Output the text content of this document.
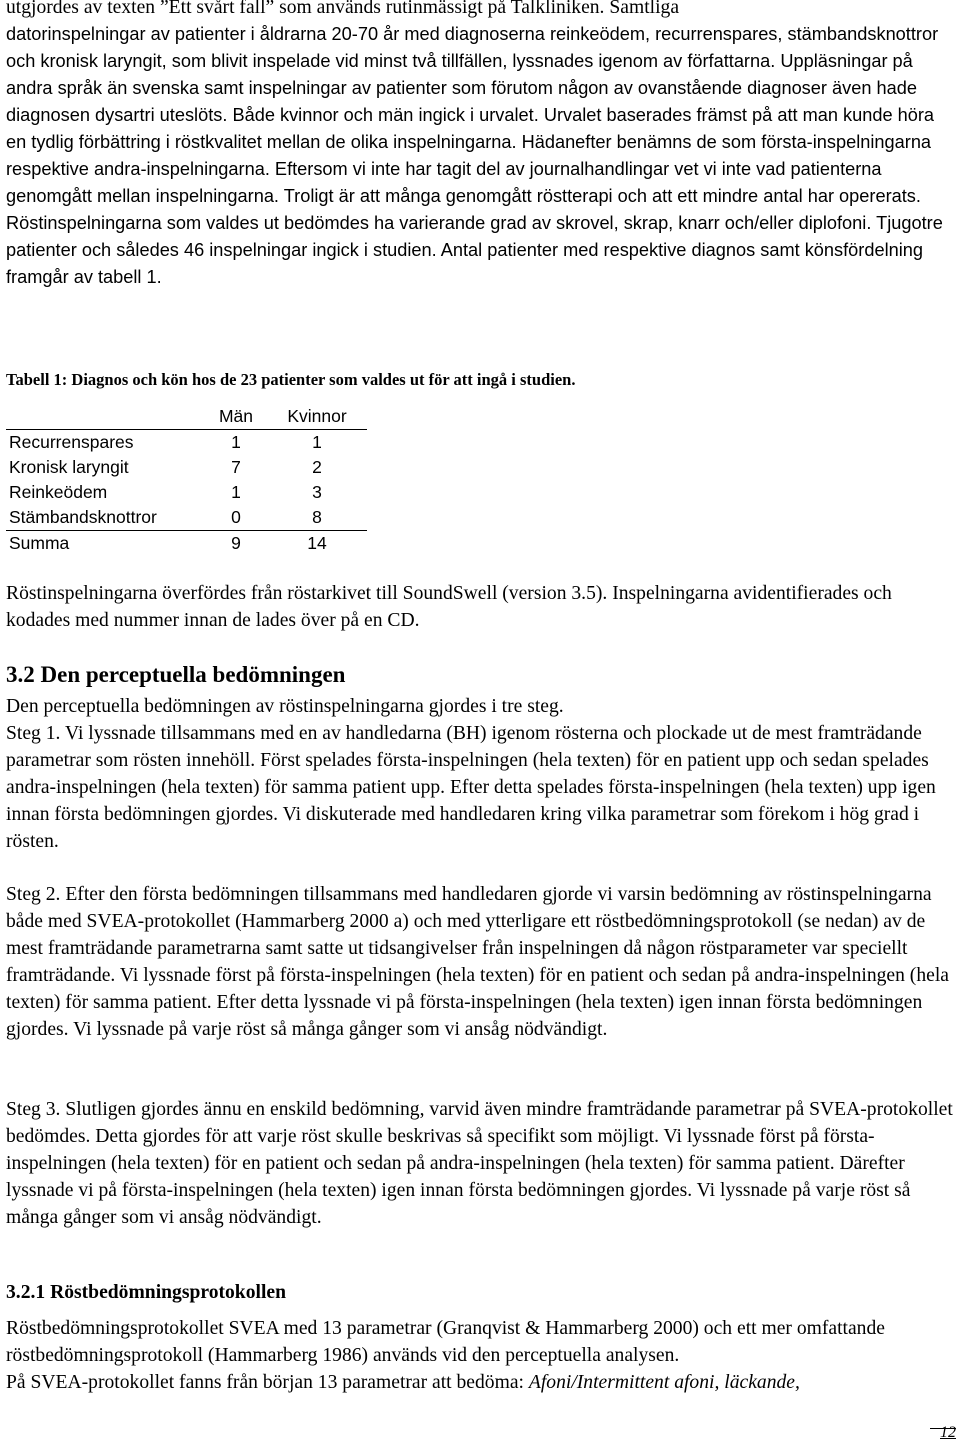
utgjordes av texten ”Ett svårt fall” som används rutinmässigt på Talkliniken. Samtliga
datorinspelningar av patienter i åldrarna 20-70 år med diagnoserna reinkeödem, recurrenspares, stämbandsknottror och kronisk laryngit, som blivit inspelade vid minst två tillfällen, lyssnades igenom av författarna. Uppläsningar på andra språk än svenska samt inspelningar av patienter som förutom någon av ovanstående diagnoser även hade diagnosen dysartri uteslöts. Både kvinnor och män ingick i urvalet. Urvalet baserades främst på att man kunde höra en tydlig förbättring i röstkvalitet mellan de olika inspelningarna. Hädanefter benämns de som första-inspelningarna respektive andra-inspelningarna. Eftersom vi inte har tagit del av journalhandlingar vet vi inte vad patienterna genomgått mellan inspelningarna. Troligt är att många genomgått röstterapi och att ett mindre antal har opererats. Röstinspelningarna som valdes ut bedömdes ha varierande grad av skrovel, skrap, knarr och/eller diplofoni. Tjugotre patienter och således 46 inspelningar ingick i studien. Antal patienter med respektive diagnos samt könsfördelning framgår av tabell 1.

Tabell 1: Diagnos och kön hos de 23 patienter som valdes ut för att ingå i studien.

	Män	Kvinnor
Recurrenspares	1	1
Kronisk laryngit	7	2
Reinkeödem	1	3
Stämbandsknottror	0	8
Summa	9	14

Röstinspelningarna överfördes från röstarkivet till SoundSwell (version 3.5). Inspelningarna avidentifierades och kodades med nummer innan de lades över på en CD.

3.2 Den perceptuella bedömningen

Den perceptuella bedömningen av röstinspelningarna gjordes i tre steg.
Steg 1. Vi lyssnade tillsammans med en av handledarna (BH) igenom rösterna och plockade ut de mest framträdande parametrar som rösten innehöll. Först spelades första-inspelningen (hela texten) för en patient upp och sedan spelades andra-inspelningen (hela texten) för samma patient upp. Efter detta spelades första-inspelningen (hela texten) upp igen innan första bedömningen gjordes. Vi diskuterade med handledaren kring vilka parametrar som förekom i hög grad i rösten.

Steg 2. Efter den första bedömningen tillsammans med handledaren gjorde vi varsin bedömning av röstinspelningarna både med SVEA-protokollet (Hammarberg 2000 a) och med ytterligare ett röstbedömningsprotokoll (se nedan) av de mest framträdande parametrarna samt satte ut tidsangivelser från inspelningen då någon röstparameter var speciellt framträdande. Vi lyssnade först på första-inspelningen (hela texten) för en patient och sedan på andra-inspelningen (hela texten) för samma patient. Efter detta lyssnade vi på första-inspelningen (hela texten) igen innan första bedömningen gjordes. Vi lyssnade på varje röst så många gånger som vi ansåg nödvändigt.

Steg 3. Slutligen gjordes ännu en enskild bedömning, varvid även mindre framträdande parametrar på SVEA-protokollet bedömdes. Detta gjordes för att varje röst skulle beskrivas så specifikt som möjligt. Vi lyssnade först på första-inspelningen (hela texten) för en patient och sedan på andra-inspelningen (hela texten) för samma patient. Därefter lyssnade vi på första-inspelningen (hela texten) igen innan första bedömningen gjordes. Vi lyssnade på varje röst så många gånger som vi ansåg nödvändigt.

3.2.1 Röstbedömningsprotokollen

Röstbedömningsprotokollet SVEA med 13 parametrar (Granqvist & Hammarberg 2000) och ett mer omfattande röstbedömningsprotokoll (Hammarberg 1986) används vid den perceptuella analysen.
På SVEA-protokollet fanns från början 13 parametrar att bedöma: Afoni/Intermittent afoni, läckande,

12
